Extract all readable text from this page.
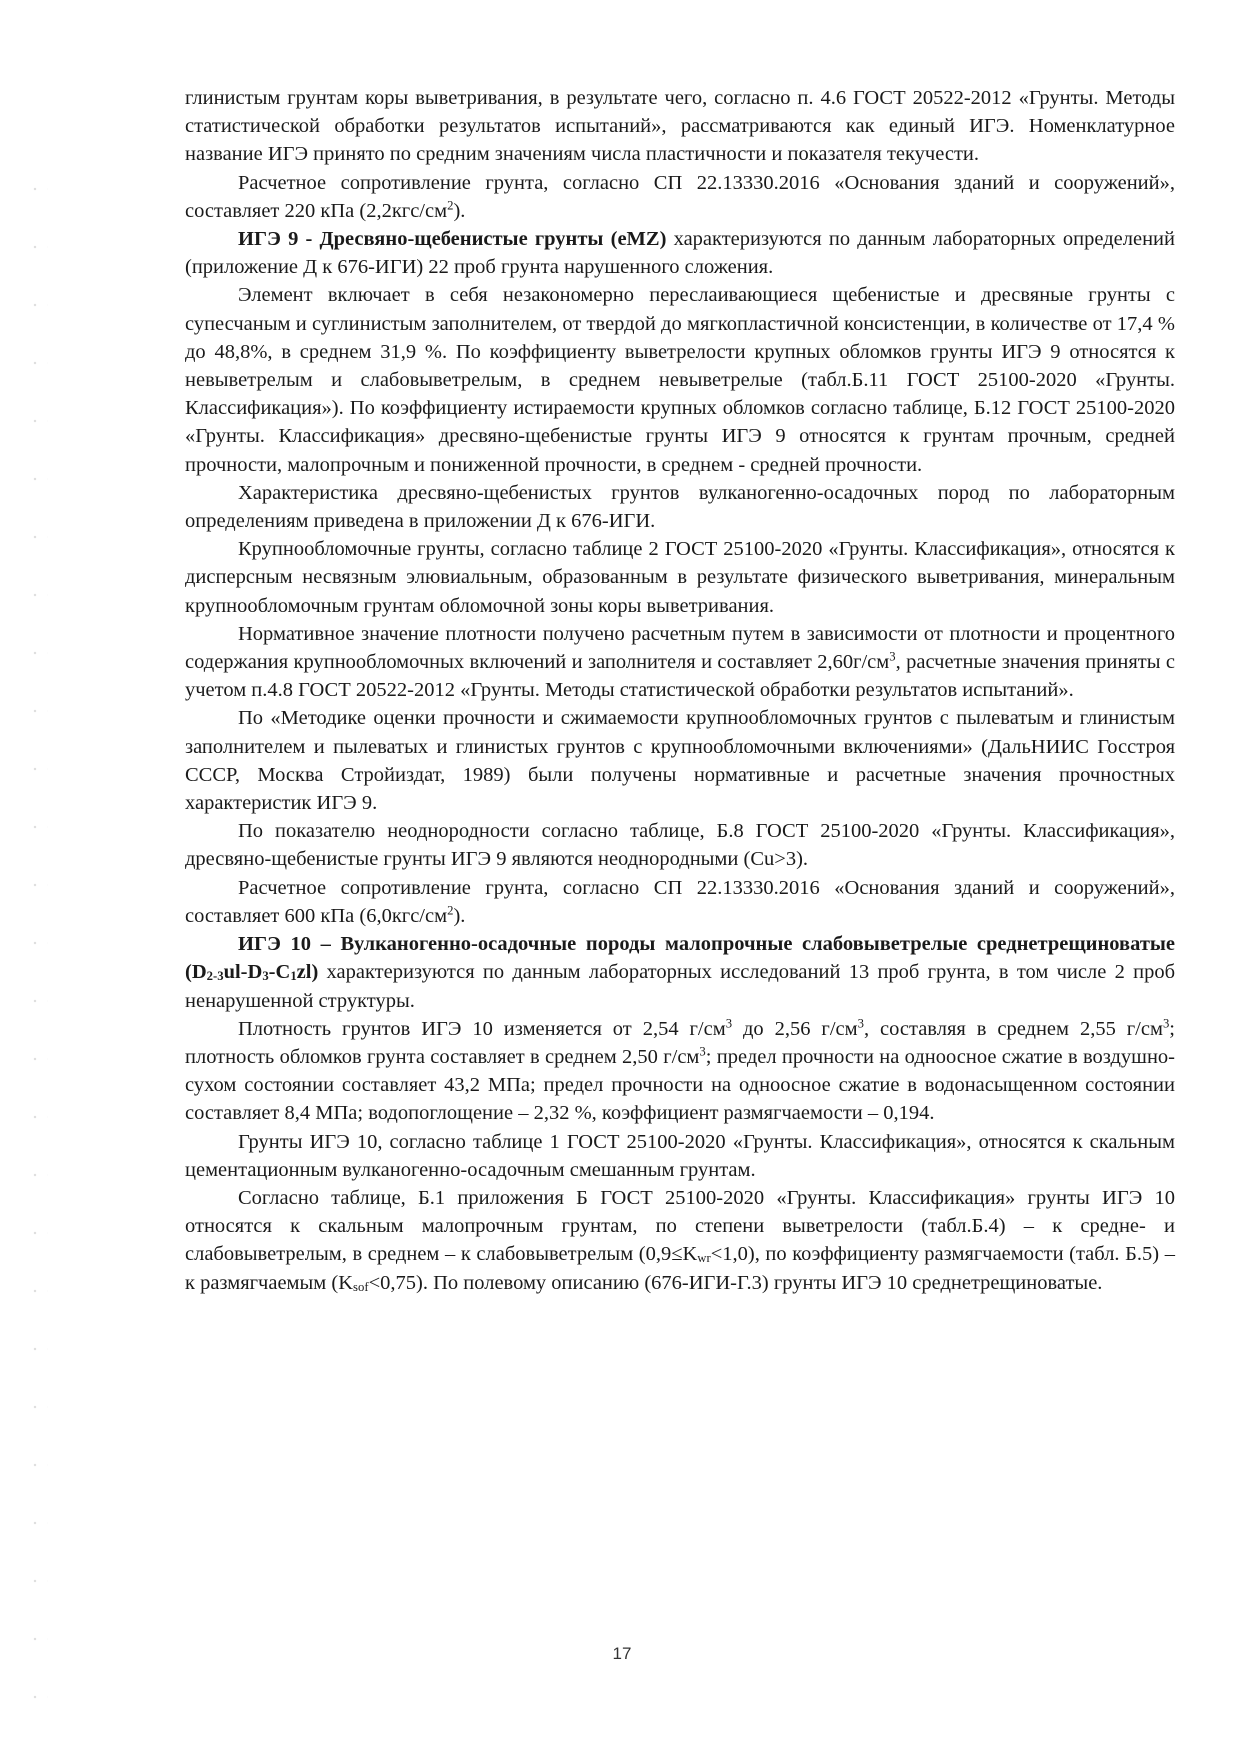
глинистым грунтам коры выветривания, в результате чего, согласно п. 4.6 ГОСТ 20522-2012 «Грунты. Методы статистической обработки результатов испытаний», рассматриваются как единый ИГЭ. Номенклатурное название ИГЭ принято по средним значениям числа пластичности и показателя текучести.

Расчетное сопротивление грунта, согласно СП 22.13330.2016 «Основания зданий и сооружений», составляет 220 кПа $(2,2кгс/см^2)$.

ИГЭ 9 - Дресвяно-щебенистые грунты (eMZ) характеризуются по данным лабораторных определений (приложение Д к 676-ИГИ) 22 проб грунта нарушенного сложения.

Элемент включает в себя незакономерно переслаивающиеся щебенистые и дресвяные грунты с супесчаным и суглинистым заполнителем, от твердой до мягкопластичной консистенции, в количестве от 17,4 % до 48,8%, в среднем 31,9 %. По коэффициенту выветрелости крупных обломков грунты ИГЭ 9 относятся к невыветрелым и слабовыветрелым, в среднем невыветрелые (табл.Б.11 ГОСТ 25100-2020 «Грунты. Классификация»). По коэффициенту истираемости крупных обломков согласно таблице, Б.12 ГОСТ 25100-2020 «Грунты. Классификация» дресвяно-щебенистые грунты ИГЭ 9 относятся к грунтам прочным, средней прочности, малопрочным и пониженной прочности, в среднем - средней прочности.

Характеристика дресвяно-щебенистых грунтов вулканогенно-осадочных пород по лабораторным определениям приведена в приложении Д к 676-ИГИ.

Крупнообломочные грунты, согласно таблице 2 ГОСТ 25100-2020 «Грунты. Классификация», относятся к дисперсным несвязным элювиальным, образованным в результате физического выветривания, минеральным крупнообломочным грунтам обломочной зоны коры выветривания.

Нормативное значение плотности получено расчетным путем в зависимости от плотности и процентного содержания крупнообломочных включений и заполнителя и составляет $2,60г/см^3$, расчетные значения приняты с учетом п.4.8 ГОСТ 20522-2012 «Грунты. Методы статистической обработки результатов испытаний».

По «Методике оценки прочности и сжимаемости крупнообломочных грунтов с пылеватым и глинистым заполнителем и пылеватых и глинистых грунтов с крупнообломочными включениями» (ДальНИИС Госстроя СССР, Москва Стройиздат, 1989) были получены нормативные и расчетные значения прочностных характеристик ИГЭ 9.

По показателю неоднородности согласно таблице, Б.8 ГОСТ 25100-2020 «Грунты. Классификация», дресвяно-щебенистые грунты ИГЭ 9 являются неоднородными (Cu>3).

Расчетное сопротивление грунта, согласно СП 22.13330.2016 «Основания зданий и сооружений», составляет 600 кПа $(6,0кгс/см^2)$.

ИГЭ 10 – Вулканогенно-осадочные породы малопрочные слабовыветрелые среднетрещиноватые $(D_{2-3}ul-D_3-C_1zl)$ характеризуются по данным лабораторных исследований 13 проб грунта, в том числе 2 проб ненарушенной структуры.

Плотность грунтов ИГЭ 10 изменяется от 2,54 $г/см^3$ до 2,56 $г/см^3$, составляя в среднем 2,55 $г/см^3$; плотность обломков грунта составляет в среднем 2,50 $г/см^3$; предел прочности на одноосное сжатие в воздушно-сухом состоянии составляет 43,2 МПа; предел прочности на одноосное сжатие в водонасыщенном состоянии составляет 8,4 МПа; водопоглощение – 2,32 %, коэффициент размягчаемости – 0,194.

Грунты ИГЭ 10, согласно таблице 1 ГОСТ 25100-2020 «Грунты. Классификация», относятся к скальным цементационным вулканогенно-осадочным смешанным грунтам.

Согласно таблице, Б.1 приложения Б ГОСТ 25100-2020 «Грунты. Классификация» грунты ИГЭ 10 относятся к скальным малопрочным грунтам, по степени выветрелости (табл.Б.4) – к средне- и слабовыветрелым, в среднем – к слабовыветрелым $(0,9\le K_{wr}<1,0)$, по коэффициенту размягчаемости (табл. Б.5) – к размягчаемым $(K_{sof}<0,75)$. По полевому описанию (676-ИГИ-Г.3) грунты ИГЭ 10 среднетрещиноватые.

17
